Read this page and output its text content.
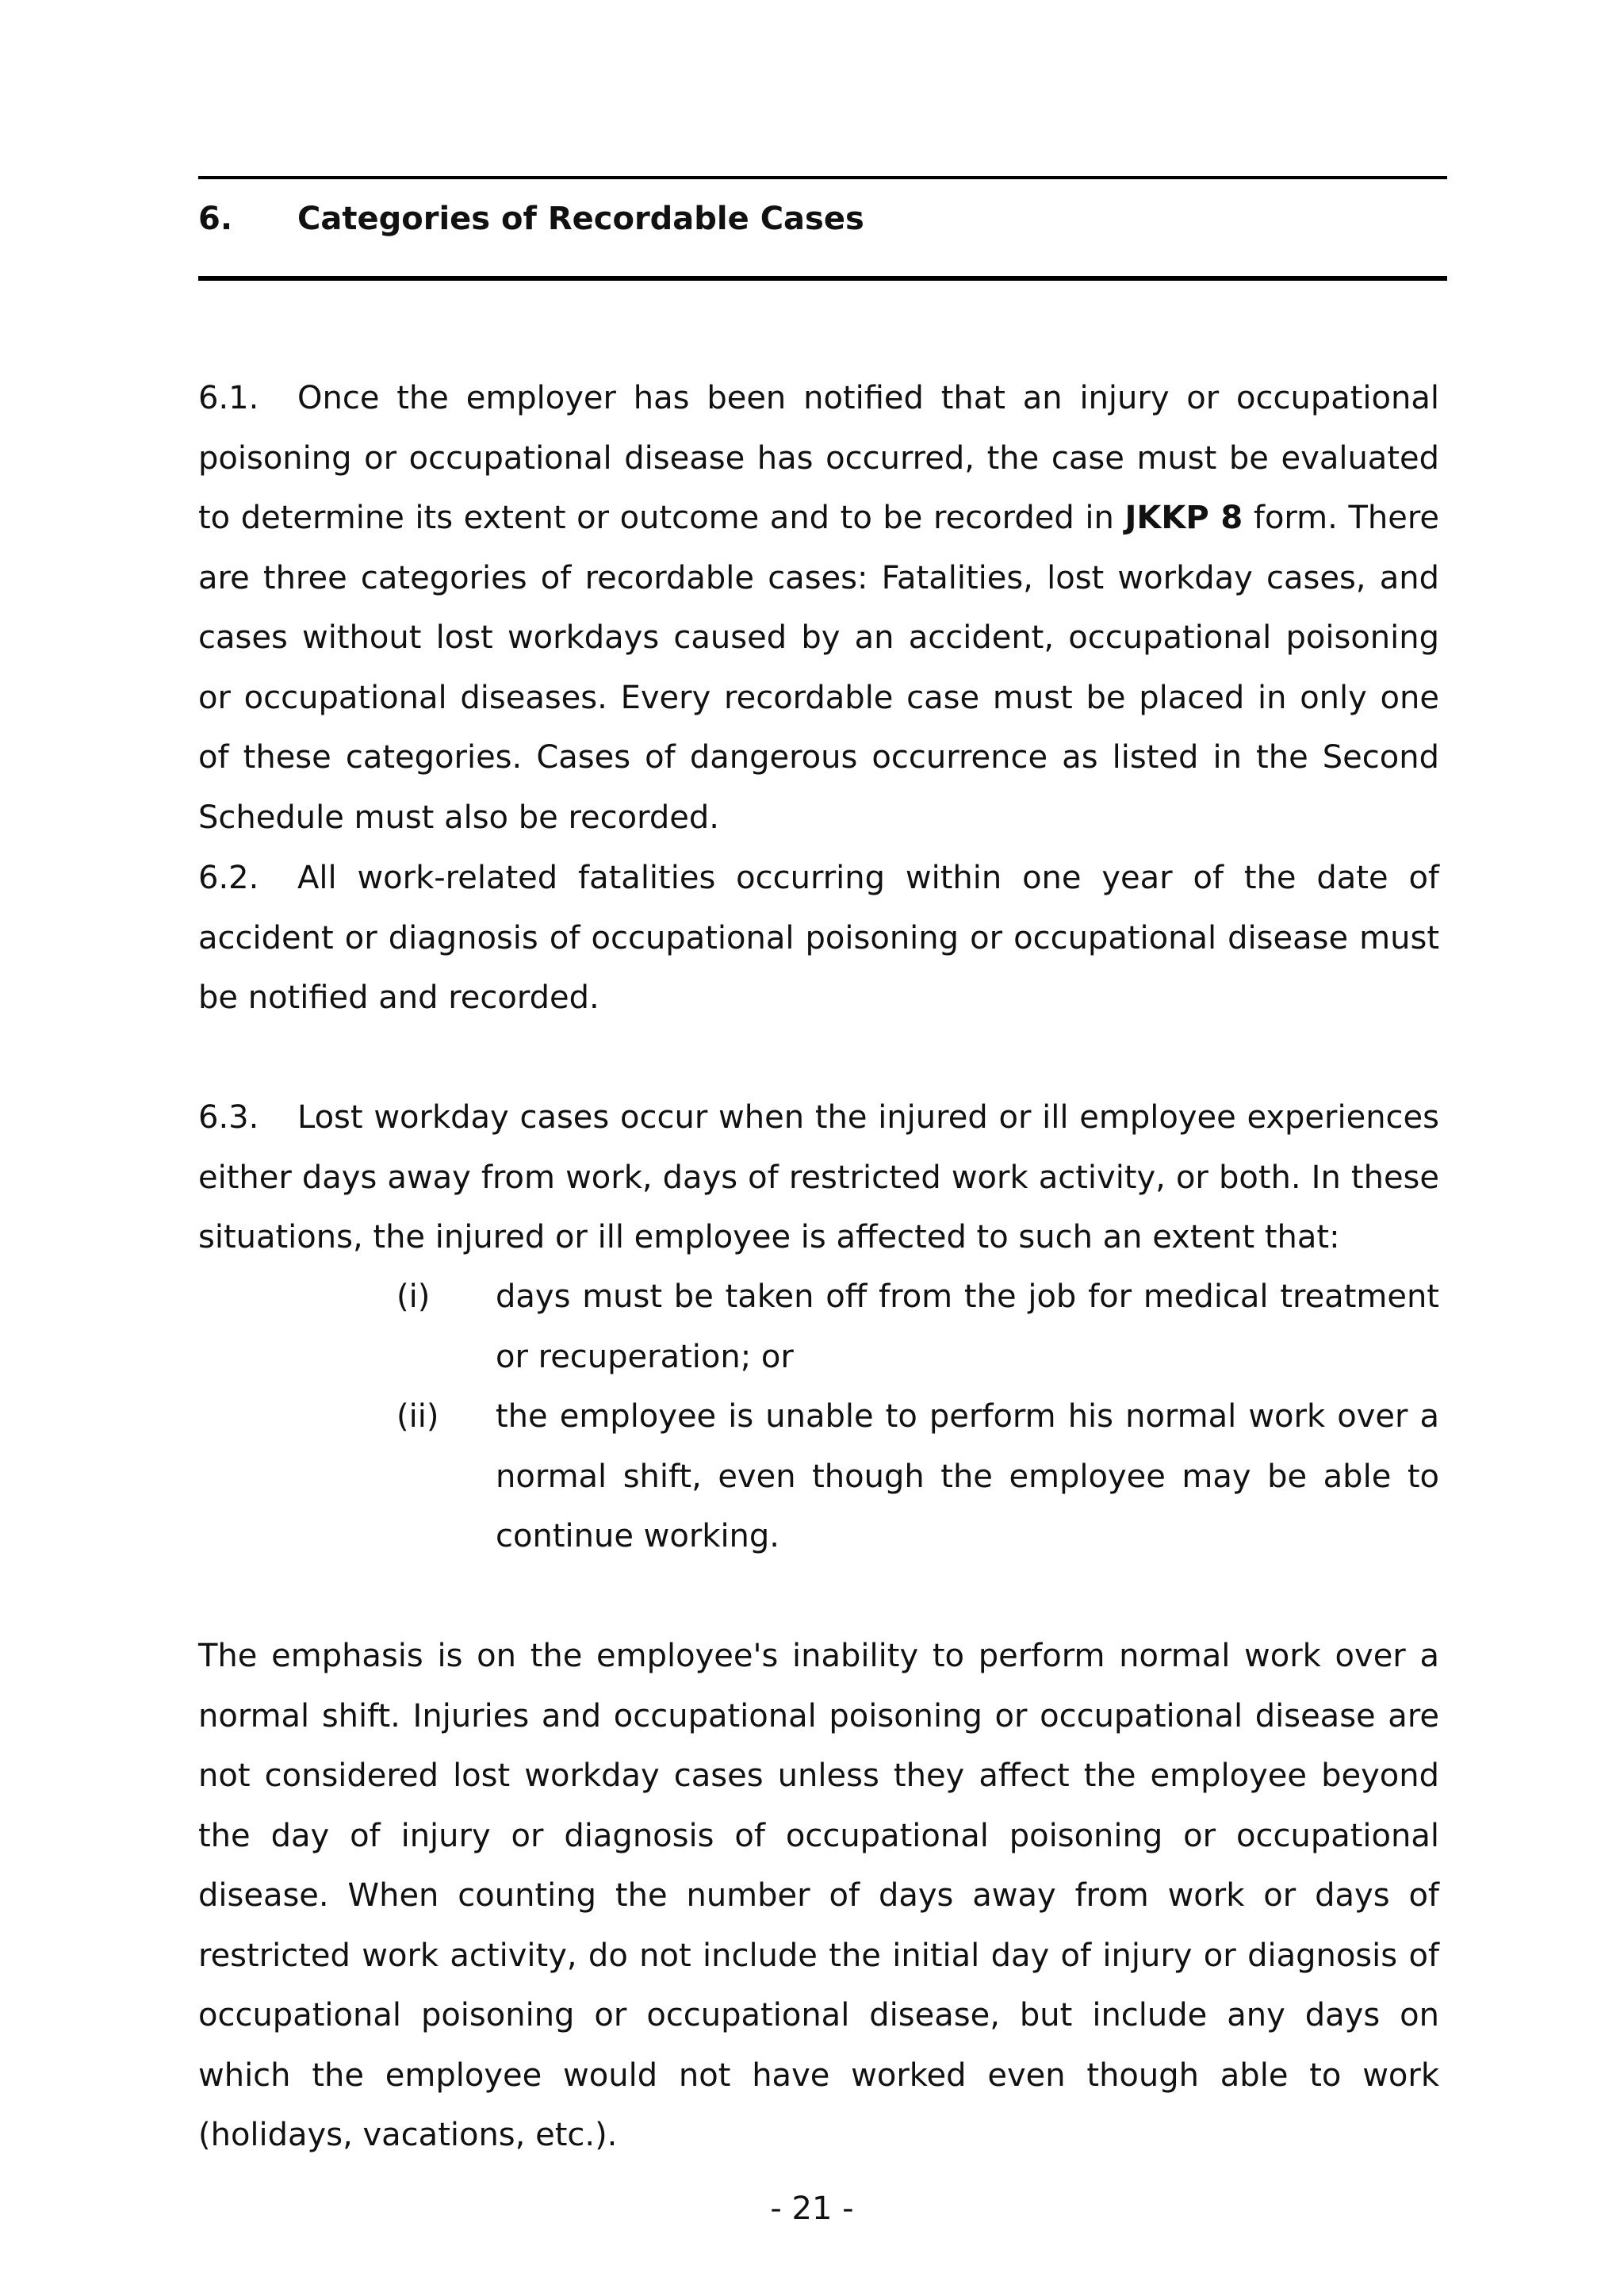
6. Categories of Recordable Cases

6.1. Once the employer has been notified that an injury or occupational poisoning or occupational disease has occurred, the case must be evaluated to determine its extent or outcome and to be recorded in JKKP 8 form. There are three categories of recordable cases: Fatalities, lost workday cases, and cases without lost workdays caused by an accident, occupational poisoning or occupational diseases. Every recordable case must be placed in only one of these categories. Cases of dangerous occurrence as listed in the Second Schedule must also be recorded.

6.2. All work-related fatalities occurring within one year of the date of accident or diagnosis of occupational poisoning or occupational disease must be notified and recorded.

6.3. Lost workday cases occur when the injured or ill employee experiences either days away from work, days of restricted work activity, or both. In these situations, the injured or ill employee is affected to such an extent that:

(i)	days must be taken off from the job for medical treatment or recuperation; or
(ii)	the employee is unable to perform his normal work over a normal shift, even though the employee may be able to continue working.

The emphasis is on the employee's inability to perform normal work over a normal shift. Injuries and occupational poisoning or occupational disease are not considered lost workday cases unless they affect the employee beyond the day of injury or diagnosis of occupational poisoning or occupational disease. When counting the number of days away from work or days of restricted work activity, do not include the initial day of injury or diagnosis of occupational poisoning or occupational disease, but include any days on which the employee would not have worked even though able to work (holidays, vacations, etc.).

- 21 -
